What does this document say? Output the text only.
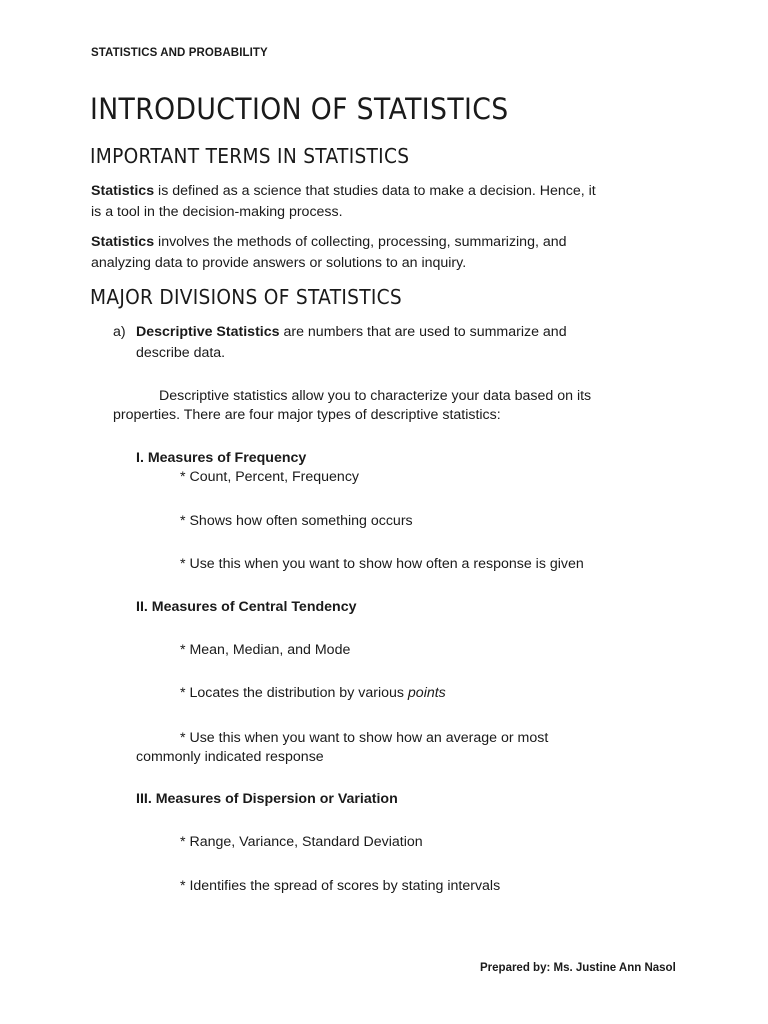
STATISTICS AND PROBABILITY
INTRODUCTION OF STATISTICS
IMPORTANT TERMS IN STATISTICS

Statistics is defined as a science that studies data to make a decision. Hence, it
is a tool in the decision-making process.

Statistics involves the methods of collecting, processing, summarizing, and
analyzing data to provide answers or solutions to an inquiry.

MAJOR DIVISIONS OF STATISTICS
a) Descriptive Statistics are numbers that are used to summarize and
describe data.

Descriptive statistics allow you to characterize your data based on its
properties. There are four major types of descriptive statistics:

I. Measures of Frequency
* Count, Percent, Frequency
* Shows how often something occurs
* Use this when you want to show how often a response is given
II. Measures of Central Tendency
* Mean, Median, and Mode
* Locates the distribution by various points
* Use this when you want to show how an average or most
commonly indicated response
III. Measures of Dispersion or Variation
* Range, Variance, Standard Deviation
* Identifies the spread of scores by stating intervals
Prepared by: Ms. Justine Ann Nasol
